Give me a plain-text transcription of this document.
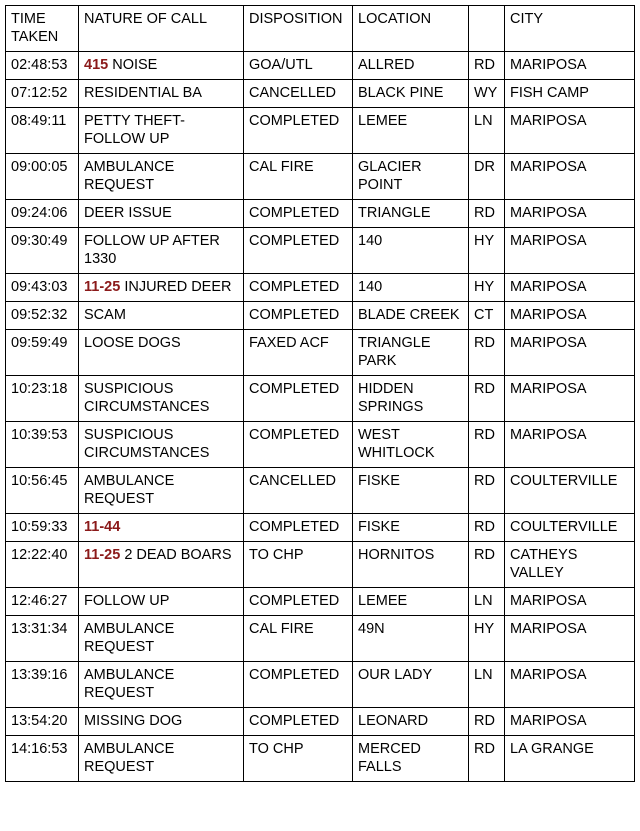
TIME TAKEN	NATURE OF CALL	DISPOSITION	LOCATION		CITY
02:48:53	415 NOISE	GOA/UTL	ALLRED	RD	MARIPOSA
07:12:52	RESIDENTIAL BA	CANCELLED	BLACK PINE	WY	FISH CAMP
08:49:11	PETTY THEFT-FOLLOW UP	COMPLETED	LEMEE	LN	MARIPOSA
09:00:05	AMBULANCE REQUEST	CAL FIRE	GLACIER POINT	DR	MARIPOSA
09:24:06	DEER ISSUE	COMPLETED	TRIANGLE	RD	MARIPOSA
09:30:49	FOLLOW UP AFTER 1330	COMPLETED	140	HY	MARIPOSA
09:43:03	11-25 INJURED DEER	COMPLETED	140	HY	MARIPOSA
09:52:32	SCAM	COMPLETED	BLADE CREEK	CT	MARIPOSA
09:59:49	LOOSE DOGS	FAXED ACF	TRIANGLE PARK	RD	MARIPOSA
10:23:18	SUSPICIOUS CIRCUMSTANCES	COMPLETED	HIDDEN SPRINGS	RD	MARIPOSA
10:39:53	SUSPICIOUS CIRCUMSTANCES	COMPLETED	WEST WHITLOCK	RD	MARIPOSA
10:56:45	AMBULANCE REQUEST	CANCELLED	FISKE	RD	COULTERVILLE
10:59:33	11-44	COMPLETED	FISKE	RD	COULTERVILLE
12:22:40	11-25 2 DEAD BOARS	TO CHP	HORNITOS	RD	CATHEYS VALLEY
12:46:27	FOLLOW UP	COMPLETED	LEMEE	LN	MARIPOSA
13:31:34	AMBULANCE REQUEST	CAL FIRE	49N	HY	MARIPOSA
13:39:16	AMBULANCE REQUEST	COMPLETED	OUR LADY	LN	MARIPOSA
13:54:20	MISSING DOG	COMPLETED	LEONARD	RD	MARIPOSA
14:16:53	AMBULANCE REQUEST	TO CHP	MERCED FALLS	RD	LA GRANGE
